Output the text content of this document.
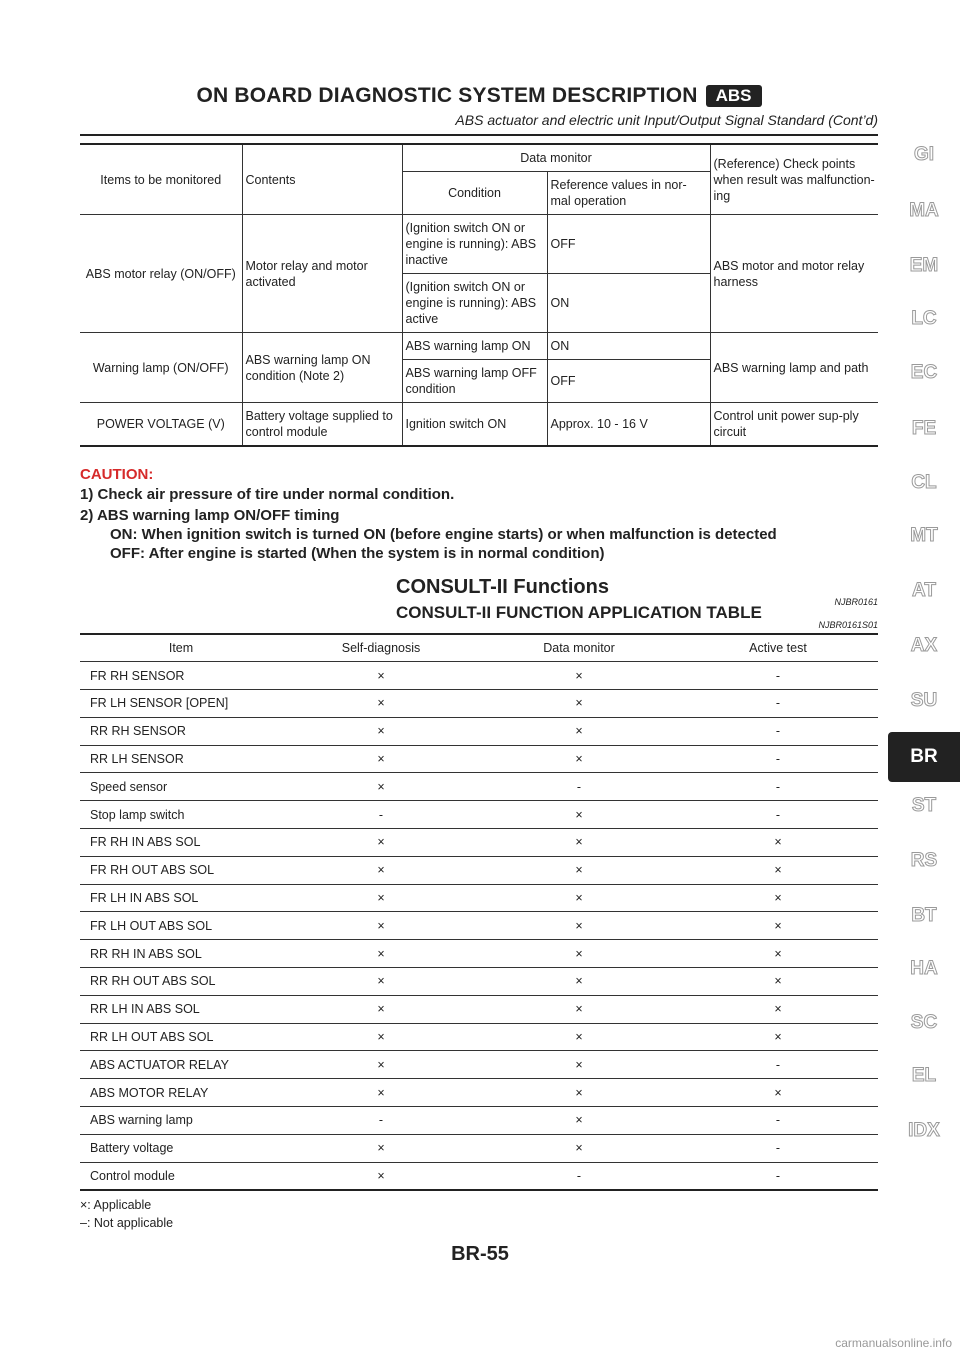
ON BOARD DIAGNOSTIC SYSTEM DESCRIPTION	ABS
ABS actuator and electric unit Input/Output Signal Standard (Cont’d)
Items to be monitored	Contents	Data monitor		(Reference) Check points when result was malfunction-ing
		Condition	Reference values in nor-mal operation	
ABS motor relay (ON/OFF)	Motor relay and motor activated	(Ignition switch ON or engine is running): ABS inactive	OFF	ABS motor and motor relay harness
		(Ignition switch ON or engine is running): ABS active	ON	
Warning lamp (ON/OFF)	ABS warning lamp ON condition (Note 2)	ABS warning lamp ON	ON	ABS warning lamp and path
		ABS warning lamp OFF condition	OFF	
POWER VOLTAGE (V)	Battery voltage supplied to control module	Ignition switch ON	Approx. 10 - 16 V	Control unit power sup-ply circuit
CAUTION:

1) Check air pressure of tire under normal condition.

2) ABS warning lamp ON/OFF timing

ON: When ignition switch is turned ON (before engine starts) or when malfunction is detected

OFF: After engine is started (When the system is in normal condition)

CONSULT-II Functions
NJBR0161
CONSULT-II FUNCTION APPLICATION TABLE
NJBR0161S01
Item	Self-diagnosis	Data monitor	Active test
FR RH SENSOR	×	×	-
FR LH SENSOR [OPEN]	×	×	-
RR RH SENSOR	×	×	-
RR LH SENSOR	×	×	-
Speed sensor	×	-	-
Stop lamp switch	-	×	-
FR RH IN ABS SOL	×	×	×
FR RH OUT ABS SOL	×	×	×
FR LH IN ABS SOL	×	×	×
FR LH OUT ABS SOL	×	×	×
RR RH IN ABS SOL	×	×	×
RR RH OUT ABS SOL	×	×	×
RR LH IN ABS SOL	×	×	×
RR LH OUT ABS SOL	×	×	×
ABS ACTUATOR RELAY	×	×	-
ABS MOTOR RELAY	×	×	×
ABS warning lamp	-	×	-
Battery voltage	×	×	-
Control module	×	-	-
×: Applicable
–: Not applicable
BR-55
GI
MA
EM
LC
EC
FE
CL
MT
AT
AX
SU
BR
ST
RS
BT
HA
SC
EL
IDX
carmanualsonline.info
